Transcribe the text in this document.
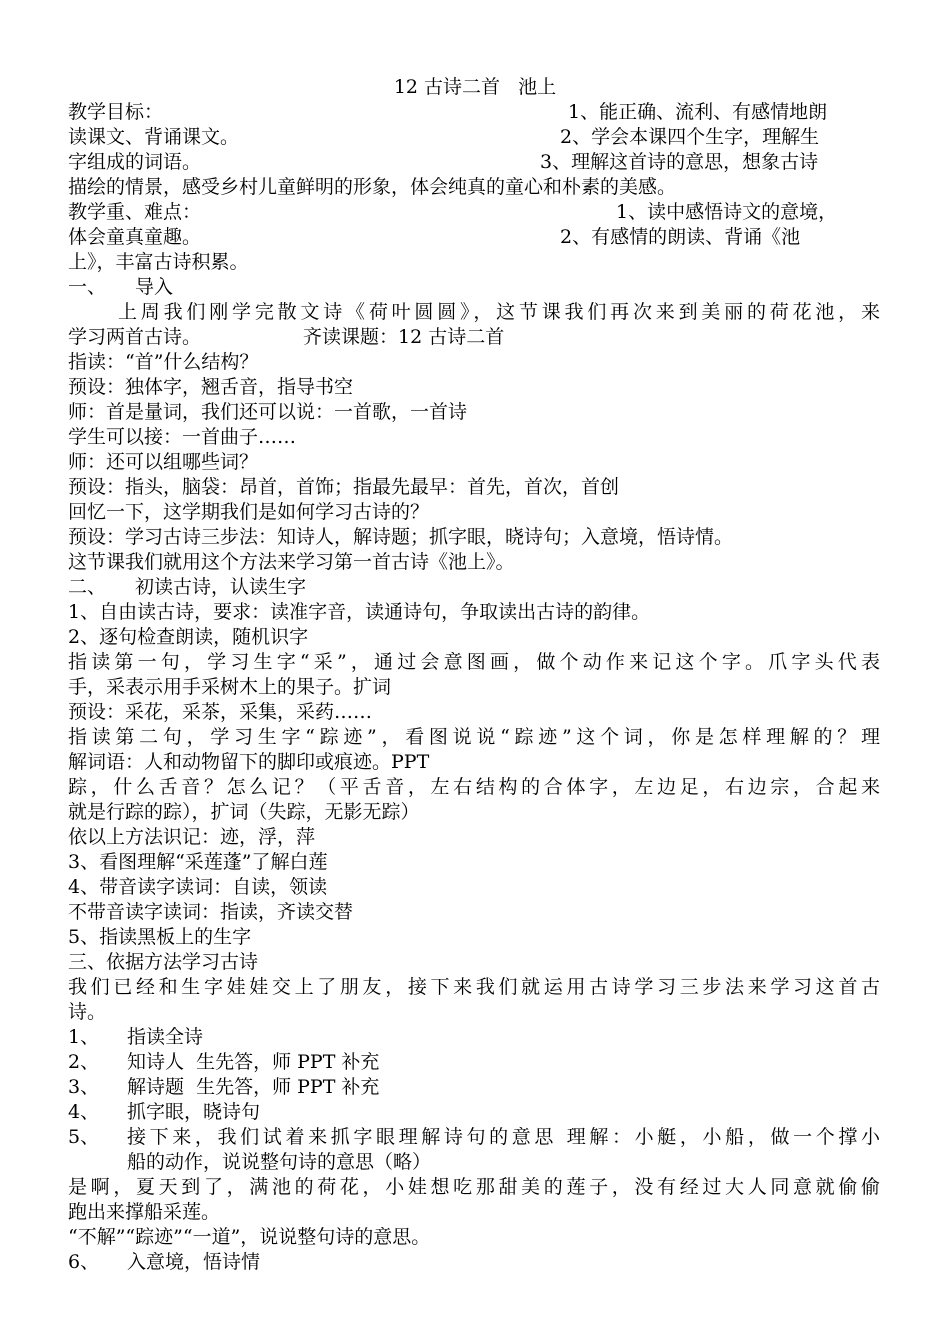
12 古诗二首   池上
教学目标：	1、能正确、流利、有感情地朗
读课文、背诵课文。	2、学会本课四个生字，理解生
字组成的词语。	3、理解这首诗的意思，想象古诗
描绘的情景，感受乡村儿童鲜明的形象，体会纯真的童心和朴素的美感。
教学重、难点：	1、读中感悟诗文的意境，
体会童真童趣。	2、有感情的朗读、背诵《池
上》，丰富古诗积累。
一、 导入
上周我们刚学完散文诗《荷叶圆圆》，这节课我们再次来到美丽的荷花池，来
学习两首古诗。	齐读课题：12 古诗二首
指读：“首”什么结构？
预设：独体字，翘舌音，指导书空
师：首是量词，我们还可以说：一首歌，一首诗
学生可以接：一首曲子……
师：还可以组哪些词？
预设：指头，脑袋：昂首，首饰；指最先最早：首先，首次，首创
回忆一下，这学期我们是如何学习古诗的？
预设：学习古诗三步法：知诗人，解诗题；抓字眼，晓诗句；入意境，悟诗情。
这节课我们就用这个方法来学习第一首古诗《池上》。
二、 初读古诗，认读生字
1、自由读古诗，要求：读准字音，读通诗句，争取读出古诗的韵律。
2、逐句检查朗读，随机识字
指读第一句，学习生字“采”，通过会意图画，做个动作来记这个字。爪字头代表
手，采表示用手采树木上的果子。扩词
预设：采花，采茶，采集，采药……
指读第二句，学习生字“踪迹”，看图说说“踪迹”这个词，你是怎样理解的？理
解词语：人和动物留下的脚印或痕迹。PPT
踪，什么舌音？怎么记？（平舌音，左右结构的合体字，左边足，右边宗，合起来
就是行踪的踪），扩词（失踪，无影无踪）
依以上方法识记：迹，浮，萍
3、看图理解“采莲蓬”了解白莲
4、带音读字读词：自读，领读
不带音读字读词：指读，齐读交替
5、指读黑板上的生字
三、依据方法学习古诗
我们已经和生字娃娃交上了朋友，接下来我们就运用古诗学习三步法来学习这首古
诗。
1、	指读全诗
2、	知诗人  生先答，师 PPT 补充
3、	解诗题  生先答，师 PPT 补充
4、	抓字眼，晓诗句
5、	接下来，我们试着来抓字眼理解诗句的意思 理解：小艇，小船，做一个撑小
船的动作，说说整句诗的意思（略）
是啊，夏天到了，满池的荷花，小娃想吃那甜美的莲子，没有经过大人同意就偷偷
跑出来撑船采莲。
“不解”“踪迹”“一道”，说说整句诗的意思。
6、	入意境，悟诗情
